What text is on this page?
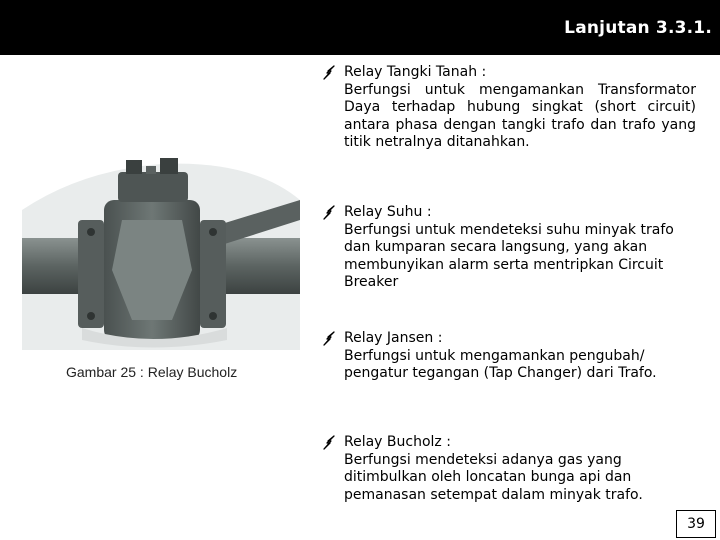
Lanjutan 3.3.1.
Gambar 25 : Relay Bucholz
Relay Tangki Tanah :
Berfungsi untuk mengamankan Transformator Daya terhadap hubung singkat (short circuit) antara phasa dengan tangki trafo dan trafo yang titik netralnya ditanahkan.
Relay Suhu :
Berfungsi untuk mendeteksi suhu minyak trafo dan kumparan secara langsung, yang akan membunyikan alarm serta mentripkan Circuit Breaker
Relay Jansen :
Berfungsi untuk mengamankan pengubah/ pengatur tegangan (Tap Changer) dari Trafo.
Relay Bucholz :
Berfungsi mendeteksi adanya gas yang ditimbulkan oleh loncatan bunga api dan pemanasan setempat dalam minyak trafo.
39
